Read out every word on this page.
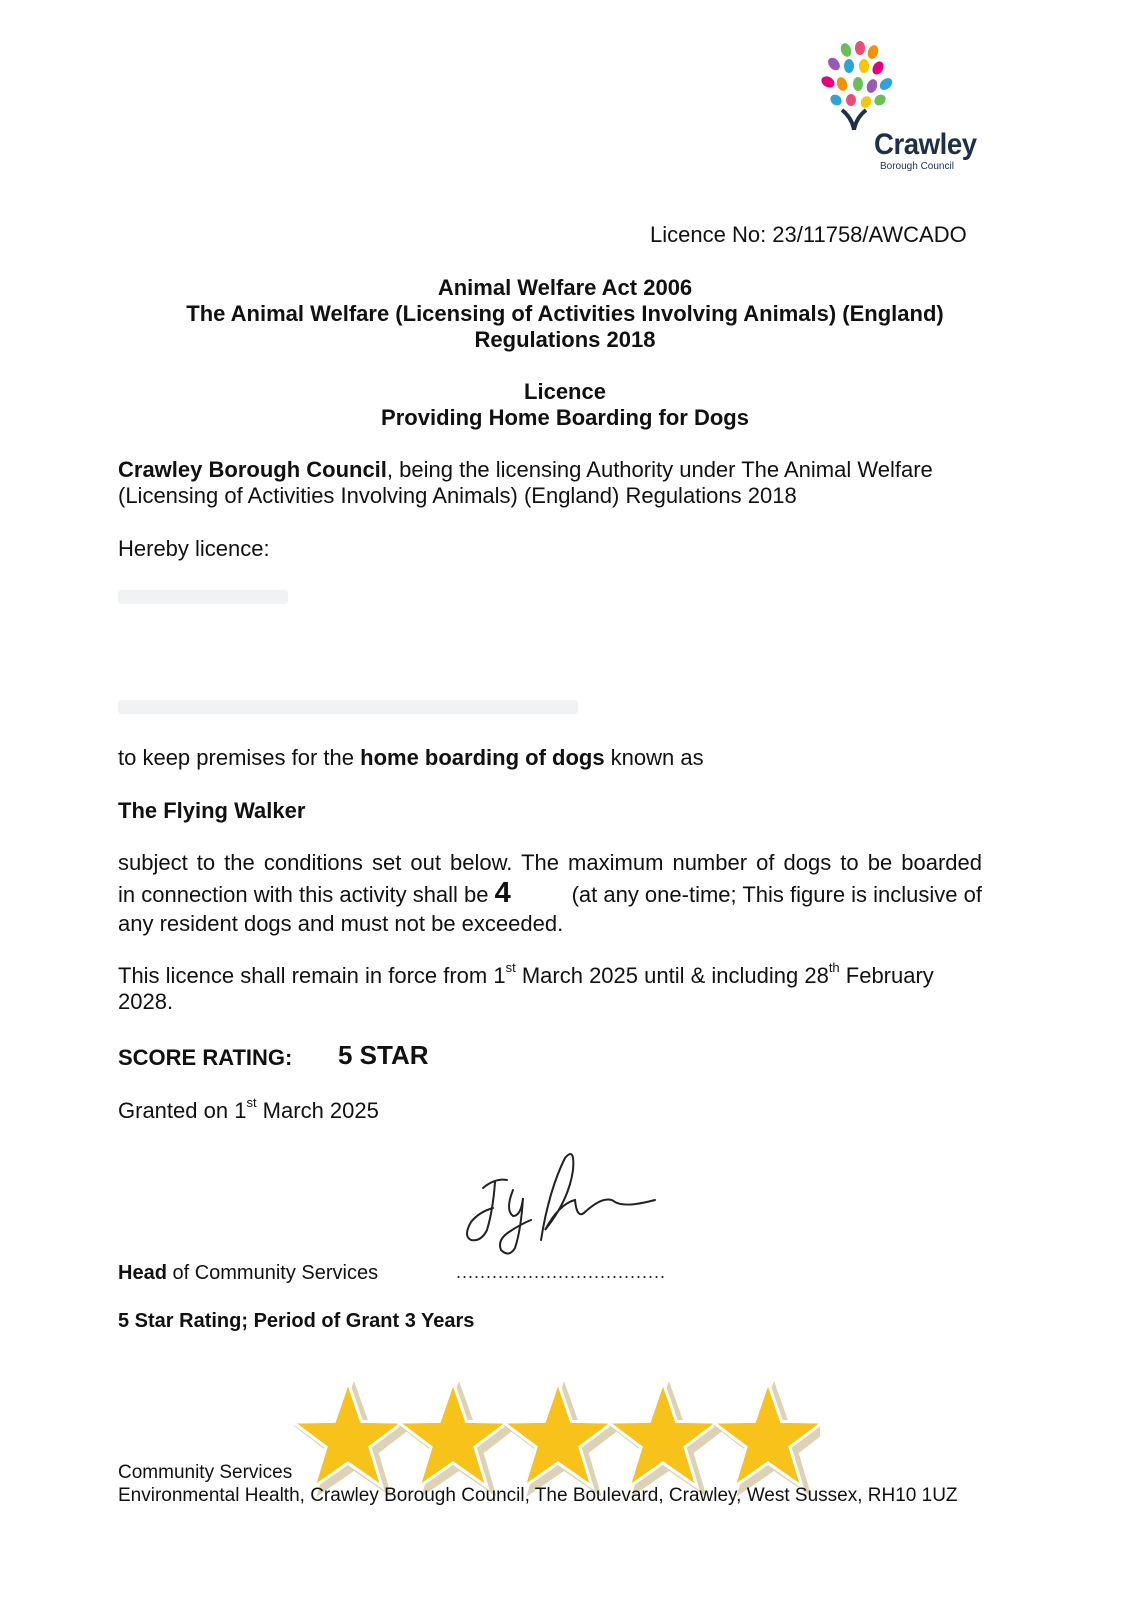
Crawley
Borough Council
Licence No: 23/11758/AWCADO
Animal Welfare Act 2006
The Animal Welfare (Licensing of Activities Involving Animals) (England)
Regulations 2018
Licence
Providing Home Boarding for Dogs
Crawley Borough Council, being the licensing Authority under The Animal Welfare
(Licensing of Activities Involving Animals) (England) Regulations 2018
Hereby licence:
to keep premises for the home boarding of dogs known as
The Flying Walker
subject to the conditions set out below. The maximum number of dogs to be boarded
in connection with this activity shall be 4	(at any one-time; This figure is inclusive of
any resident dogs and must not be exceeded.
This licence shall remain in force from 1st March 2025 until & including 28th February
2028.
SCORE RATING: 5 STAR
Granted on 1st March 2025
...................................
Head of Community Services
5 Star Rating; Period of Grant 3 Years
Community Services
Environmental Health, Crawley Borough Council, The Boulevard, Crawley, West Sussex, RH10 1UZ
